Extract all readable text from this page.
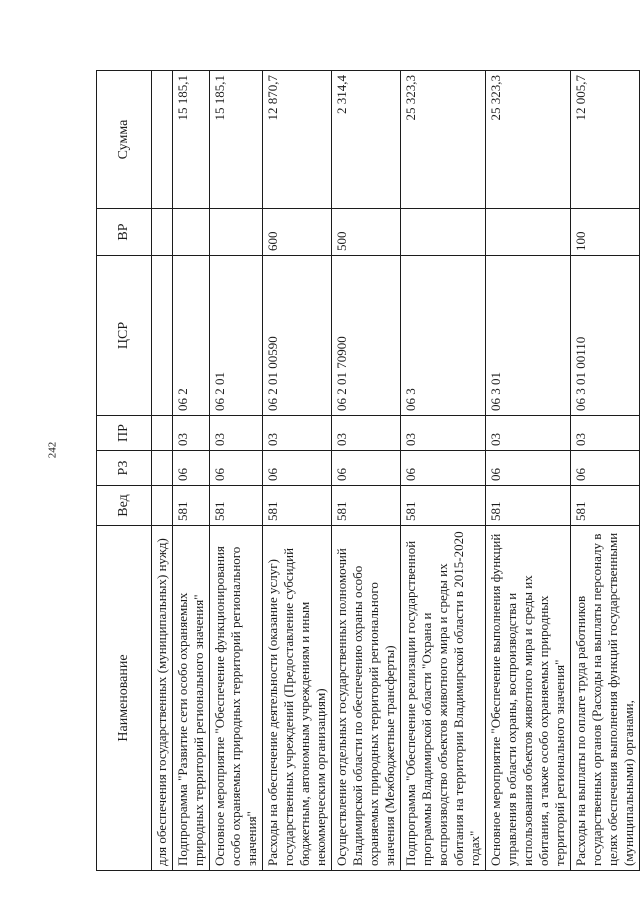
242
Наименование	Вед	РЗ	ПР	ЦСР	ВР	Сумма
для обеспечения государственных (муниципальных) нужд)						
Подпрограмма "Развитие сети особо охраняемых природных территорий регионального значения"	581	06	03	06 2		15 185,1
Основное мероприятие "Обеспечение функционирования особо охраняемых природных территорий регионального значения"	581	06	03	06 2 01		15 185,1
Расходы на обеспечение деятельности (оказание услуг) государственных учреждений (Предоставление субсидий бюджетным, автономным учреждениям и иным некоммерческим организациям)	581	06	03	06 2 01 00590	600	12 870,7
Осуществление отдельных государственных полномочий Владимирской области по обеспечению охраны особо охраняемых природных территорий регионального значения (Межбюджетные трансферты)	581	06	03	06 2 01 70900	500	2 314,4
Подпрограмма "Обеспечение реализации государственной программы Владимирской области "Охрана и воспроизводство объектов животного мира и среды их обитания на территории Владимирской области в 2015-2020 годах"	581	06	03	06 3		25 323,3
Основное мероприятие "Обеспечение выполнения функций управления в области охраны, воспроизводства и использования объектов животного мира и среды их обитания, а также особо охраняемых природных территорий регионального значения"	581	06	03	06 3 01		25 323,3
Расходы на выплаты по оплате труда работников государственных органов (Расходы на выплаты персоналу в целях обеспечения выполнения функций государственными (муниципальными) органами,	581	06	03	06 3 01 00110	100	12 005,7
